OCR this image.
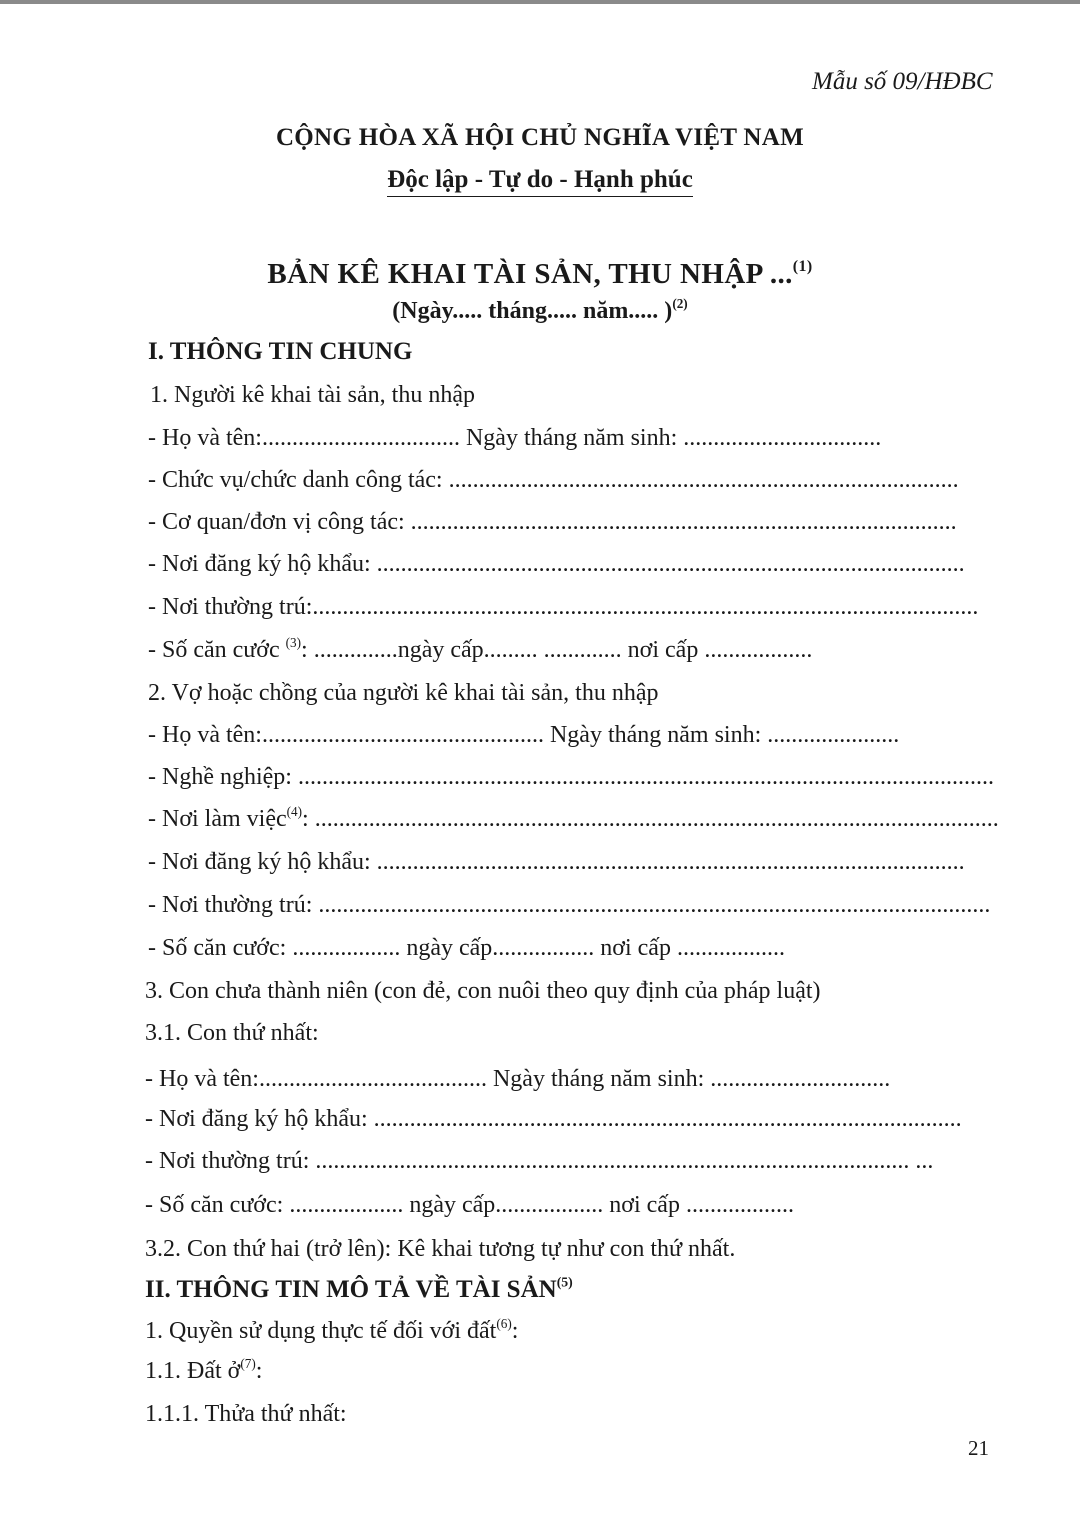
Mẫu số 09/HĐBC
CỘNG HÒA XÃ HỘI CHỦ NGHĨA VIỆT NAM
Độc lập - Tự do - Hạnh phúc
BẢN KÊ KHAI TÀI SẢN, THU NHẬP ...$^{(1)}$
(Ngày..... tháng..... năm..... )$^{(2)}$
I. THÔNG TIN CHUNG
1. Người kê khai tài sản, thu nhập
- Họ và tên:................................. Ngày tháng năm sinh: .................................
- Chức vụ/chức danh công tác: .....................................................................................
- Cơ quan/đơn vị công tác: ...........................................................................................
- Nơi đăng ký hộ khẩu: ..................................................................................................
- Nơi thường trú:...............................................................................................................
- Số căn cước $^{(3)}$: ..............ngày cấp......... ............. nơi cấp ..................
2. Vợ hoặc chồng của người kê khai tài sản, thu nhập
- Họ và tên:............................................... Ngày tháng năm sinh: ......................
- Nghề nghiệp: ....................................................................................................................
- Nơi làm việc$^{(4)}$: ..................................................................................................................
- Nơi đăng ký hộ khẩu: ..................................................................................................
- Nơi thường trú: ................................................................................................................
- Số căn cước: .................. ngày cấp................. nơi cấp ..................
3. Con chưa thành niên (con đẻ, con nuôi theo quy định của pháp luật)
3.1. Con thứ nhất:
- Họ và tên:...................................... Ngày tháng năm sinh: ..............................
- Nơi đăng ký hộ khẩu: ..................................................................................................
- Nơi thường trú: ................................................................................................... ...
- Số căn cước: ................... ngày cấp.................. nơi cấp ..................
3.2. Con thứ hai (trở lên): Kê khai tương tự như con thứ nhất.
II. THÔNG TIN MÔ TẢ VỀ TÀI SẢN$^{(5)}$
1. Quyền sử dụng thực tế đối với đất$^{(6)}$:
1.1. Đất ở$^{(7)}$:
1.1.1. Thửa thứ nhất:
21
